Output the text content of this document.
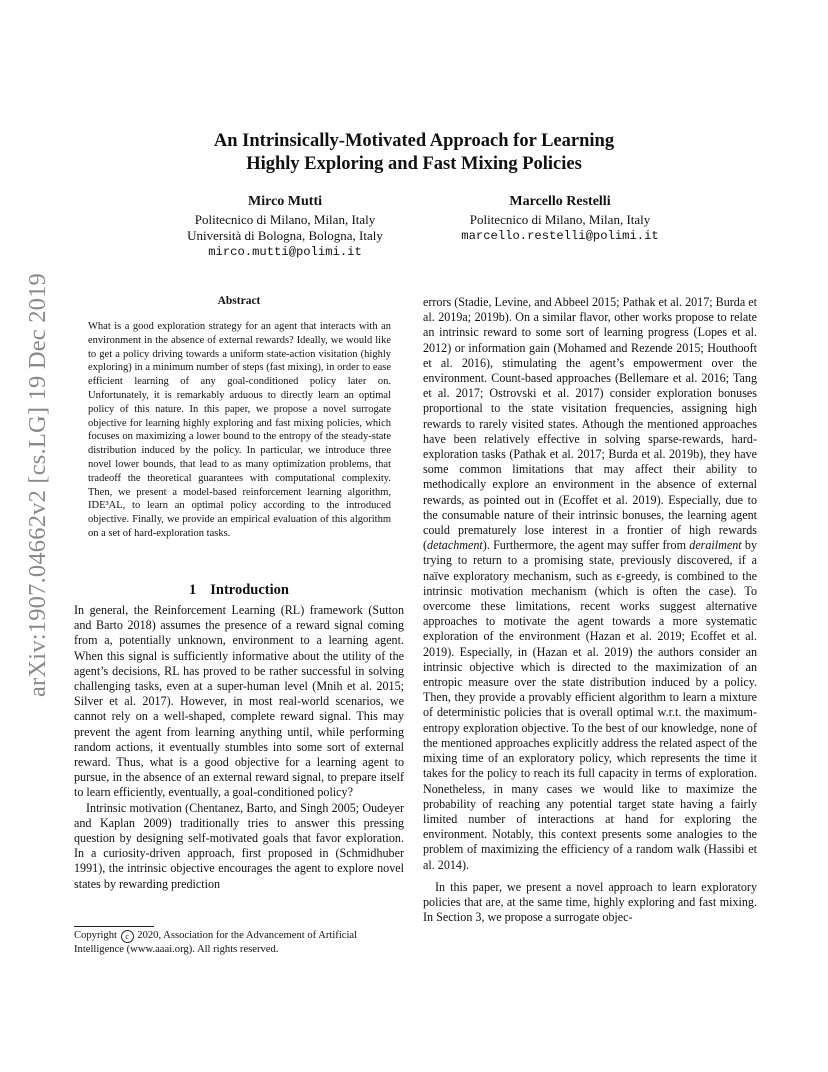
arXiv:1907.04662v2 [cs.LG] 19 Dec 2019
An Intrinsically-Motivated Approach for Learning
Highly Exploring and Fast Mixing Policies
Mirco Mutti
Politecnico di Milano, Milan, Italy
Università di Bologna, Bologna, Italy
mirco.mutti@polimi.it
Marcello Restelli
Politecnico di Milano, Milan, Italy
marcello.restelli@polimi.it
Abstract
What is a good exploration strategy for an agent that interacts with an environment in the absence of external rewards? Ideally, we would like to get a policy driving towards a uniform state-action visitation (highly exploring) in a minimum number of steps (fast mixing), in order to ease efficient learning of any goal-conditioned policy later on. Unfortunately, it is remarkably arduous to directly learn an optimal policy of this nature. In this paper, we propose a novel surrogate objective for learning highly exploring and fast mixing policies, which focuses on maximizing a lower bound to the entropy of the steady-state distribution induced by the policy. In particular, we introduce three novel lower bounds, that lead to as many optimization problems, that tradeoff the theoretical guarantees with computational complexity. Then, we present a model-based reinforcement learning algorithm, IDE³AL, to learn an optimal policy according to the introduced objective. Finally, we provide an empirical evaluation of this algorithm on a set of hard-exploration tasks.
1 Introduction

In general, the Reinforcement Learning (RL) framework (Sutton and Barto 2018) assumes the presence of a reward signal coming from a, potentially unknown, environment to a learning agent. When this signal is sufficiently informative about the utility of the agent’s decisions, RL has proved to be rather successful in solving challenging tasks, even at a super-human level (Mnih et al. 2015; Silver et al. 2017). However, in most real-world scenarios, we cannot rely on a well-shaped, complete reward signal. This may prevent the agent from learning anything until, while performing random actions, it eventually stumbles into some sort of external reward. Thus, what is a good objective for a learning agent to pursue, in the absence of an external reward signal, to prepare itself to learn efficiently, eventually, a goal-conditioned policy?

Intrinsic motivation (Chentanez, Barto, and Singh 2005; Oudeyer and Kaplan 2009) traditionally tries to answer this pressing question by designing self-motivated goals that favor exploration. In a curiosity-driven approach, first proposed in (Schmidhuber 1991), the intrinsic objective encourages the agent to explore novel states by rewarding prediction

errors (Stadie, Levine, and Abbeel 2015; Pathak et al. 2017; Burda et al. 2019a; 2019b). On a similar flavor, other works propose to relate an intrinsic reward to some sort of learning progress (Lopes et al. 2012) or information gain (Mohamed and Rezende 2015; Houthooft et al. 2016), stimulating the agent’s empowerment over the environment. Count-based approaches (Bellemare et al. 2016; Tang et al. 2017; Ostrovski et al. 2017) consider exploration bonuses proportional to the state visitation frequencies, assigning high rewards to rarely visited states. Athough the mentioned approaches have been relatively effective in solving sparse-rewards, hard-exploration tasks (Pathak et al. 2017; Burda et al. 2019b), they have some common limitations that may affect their ability to methodically explore an environment in the absence of external rewards, as pointed out in (Ecoffet et al. 2019). Especially, due to the consumable nature of their intrinsic bonuses, the learning agent could prematurely lose interest in a frontier of high rewards (detachment). Furthermore, the agent may suffer from derailment by trying to return to a promising state, previously discovered, if a naïve exploratory mechanism, such as ϵ-greedy, is combined to the intrinsic motivation mechanism (which is often the case). To overcome these limitations, recent works suggest alternative approaches to motivate the agent towards a more systematic exploration of the environment (Hazan et al. 2019; Ecoffet et al. 2019). Especially, in (Hazan et al. 2019) the authors consider an intrinsic objective which is directed to the maximization of an entropic measure over the state distribution induced by a policy. Then, they provide a provably efficient algorithm to learn a mixture of deterministic policies that is overall optimal w.r.t. the maximum-entropy exploration objective. To the best of our knowledge, none of the mentioned approaches explicitly address the related aspect of the mixing time of an exploratory policy, which represents the time it takes for the policy to reach its full capacity in terms of exploration. Nonetheless, in many cases we would like to maximize the probability of reaching any potential target state having a fairly limited number of interactions at hand for exploring the environment. Notably, this context presents some analogies to the problem of maximizing the efficiency of a random walk (Hassibi et al. 2014).

In this paper, we present a novel approach to learn exploratory policies that are, at the same time, highly exploring and fast mixing. In Section 3, we propose a surrogate objec-

Copyright c 2020, Association for the Advancement of Artificial Intelligence (www.aaai.org). All rights reserved.
